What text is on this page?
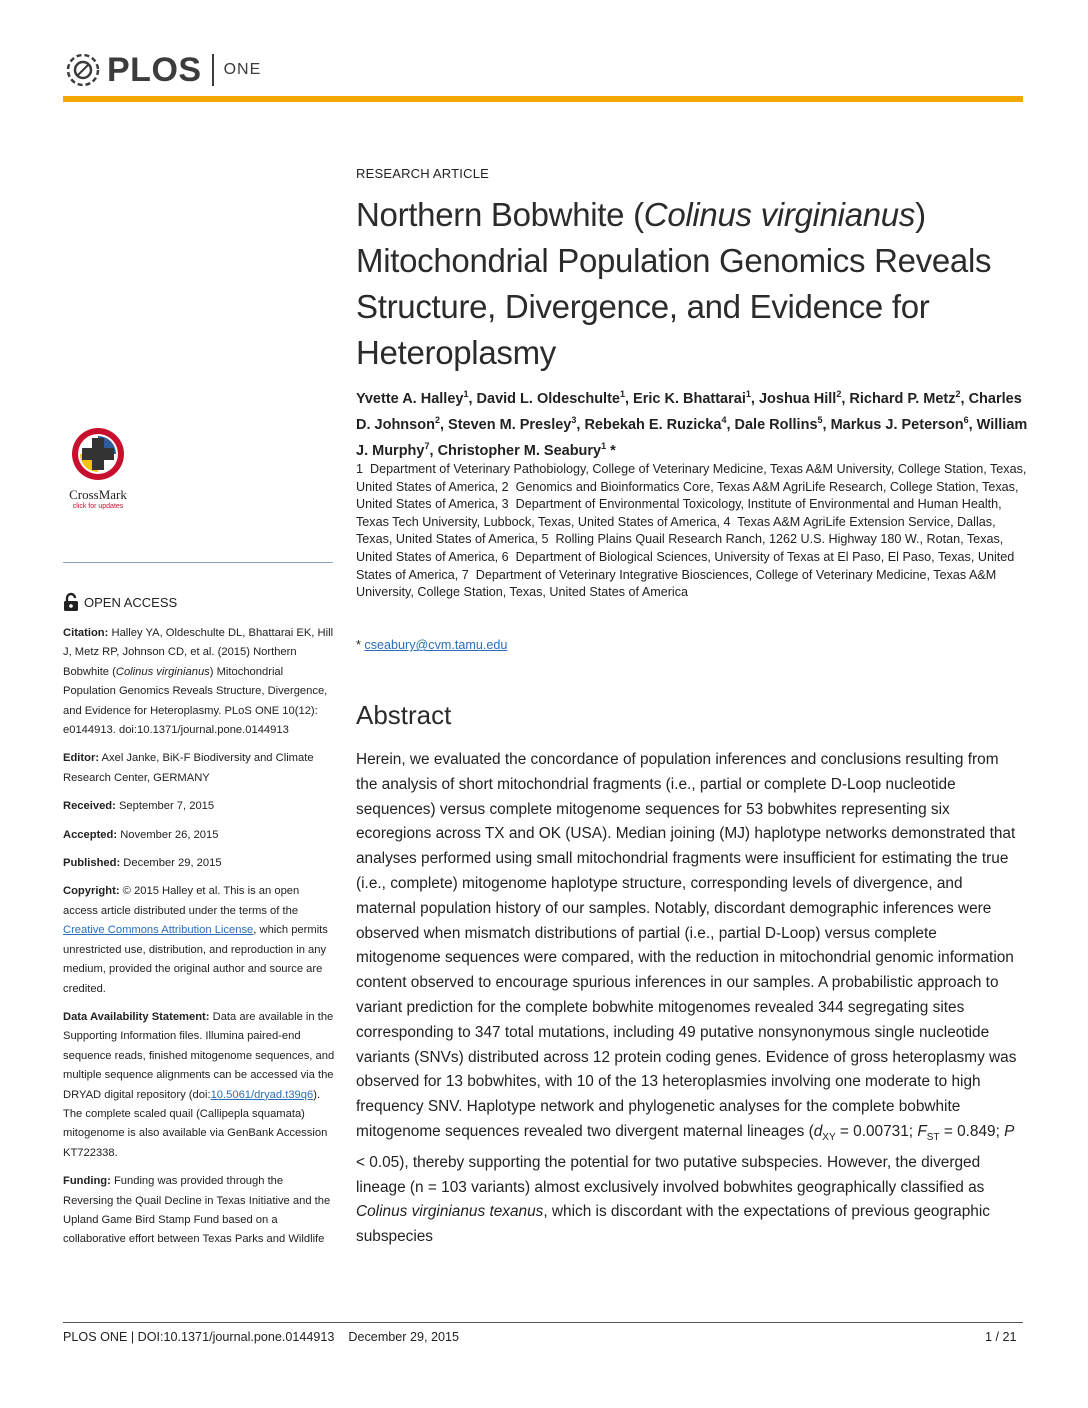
PLOS ONE
RESEARCH ARTICLE
Northern Bobwhite (Colinus virginianus) Mitochondrial Population Genomics Reveals Structure, Divergence, and Evidence for Heteroplasmy
Yvette A. Halley$^1$, David L. Oldeschulte$^1$, Eric K. Bhattarai$^1$, Joshua Hill$^2$, Richard P. Metz$^2$, Charles D. Johnson$^2$, Steven M. Presley$^3$, Rebekah E. Ruzicka$^4$, Dale Rollins$^5$, Markus J. Peterson$^6$, William J. Murphy$^7$, Christopher M. Seabury$^1$ *
1  Department of Veterinary Pathobiology, College of Veterinary Medicine, Texas A&M University, College Station, Texas, United States of America, 2  Genomics and Bioinformatics Core, Texas A&M AgriLife Research, College Station, Texas, United States of America, 3  Department of Environmental Toxicology, Institute of Environmental and Human Health, Texas Tech University, Lubbock, Texas, United States of America, 4  Texas A&M AgriLife Extension Service, Dallas, Texas, United States of America, 5  Rolling Plains Quail Research Ranch, 1262 U.S. Highway 180 W., Rotan, Texas, United States of America, 6  Department of Biological Sciences, University of Texas at El Paso, El Paso, Texas, United States of America, 7  Department of Veterinary Integrative Biosciences, College of Veterinary Medicine, Texas A&M University, College Station, Texas, United States of America
* cseabury@cvm.tamu.edu
Abstract
Herein, we evaluated the concordance of population inferences and conclusions resulting from the analysis of short mitochondrial fragments (i.e., partial or complete D-Loop nucleotide sequences) versus complete mitogenome sequences for 53 bobwhites representing six ecoregions across TX and OK (USA). Median joining (MJ) haplotype networks demonstrated that analyses performed using small mitochondrial fragments were insufficient for estimating the true (i.e., complete) mitogenome haplotype structure, corresponding levels of divergence, and maternal population history of our samples. Notably, discordant demographic inferences were observed when mismatch distributions of partial (i.e., partial D-Loop) versus complete mitogenome sequences were compared, with the reduction in mitochondrial genomic information content observed to encourage spurious inferences in our samples. A probabilistic approach to variant prediction for the complete bobwhite mitogenomes revealed 344 segregating sites corresponding to 347 total mutations, including 49 putative nonsynonymous single nucleotide variants (SNVs) distributed across 12 protein coding genes. Evidence of gross heteroplasmy was observed for 13 bobwhites, with 10 of the 13 heteroplasmies involving one moderate to high frequency SNV. Haplotype network and phylogenetic analyses for the complete bobwhite mitogenome sequences revealed two divergent maternal lineages ($d_{XY} = 0.00731$; $F_{ST} = 0.849$; P < 0.05), thereby supporting the potential for two putative subspecies. However, the diverged lineage (n = 103 variants) almost exclusively involved bobwhites geographically classified as Colinus virginianus texanus, which is discordant with the expectations of previous geographic subspecies
CrossMark
click for updates
OPEN ACCESS

Citation: Halley YA, Oldeschulte DL, Bhattarai EK, Hill J, Metz RP, Johnson CD, et al. (2015) Northern Bobwhite (Colinus virginianus) Mitochondrial Population Genomics Reveals Structure, Divergence, and Evidence for Heteroplasmy. PLoS ONE 10(12): e0144913. doi:10.1371/journal.pone.0144913

Editor: Axel Janke, BiK-F Biodiversity and Climate Research Center, GERMANY

Received: September 7, 2015

Accepted: November 26, 2015

Published: December 29, 2015

Copyright: © 2015 Halley et al. This is an open access article distributed under the terms of the Creative Commons Attribution License, which permits unrestricted use, distribution, and reproduction in any medium, provided the original author and source are credited.

Data Availability Statement: Data are available in the Supporting Information files. Illumina paired-end sequence reads, finished mitogenome sequences, and multiple sequence alignments can be accessed via the DRYAD digital repository (doi:10.5061/dryad.t39q6). The complete scaled quail (Callipepla squamata) mitogenome is also available via GenBank Accession KT722338.

Funding: Funding was provided through the Reversing the Quail Decline in Texas Initiative and the Upland Game Bird Stamp Fund based on a collaborative effort between Texas Parks and Wildlife

PLOS ONE | DOI:10.1371/journal.pone.0144913    December 29, 2015	1 / 21
